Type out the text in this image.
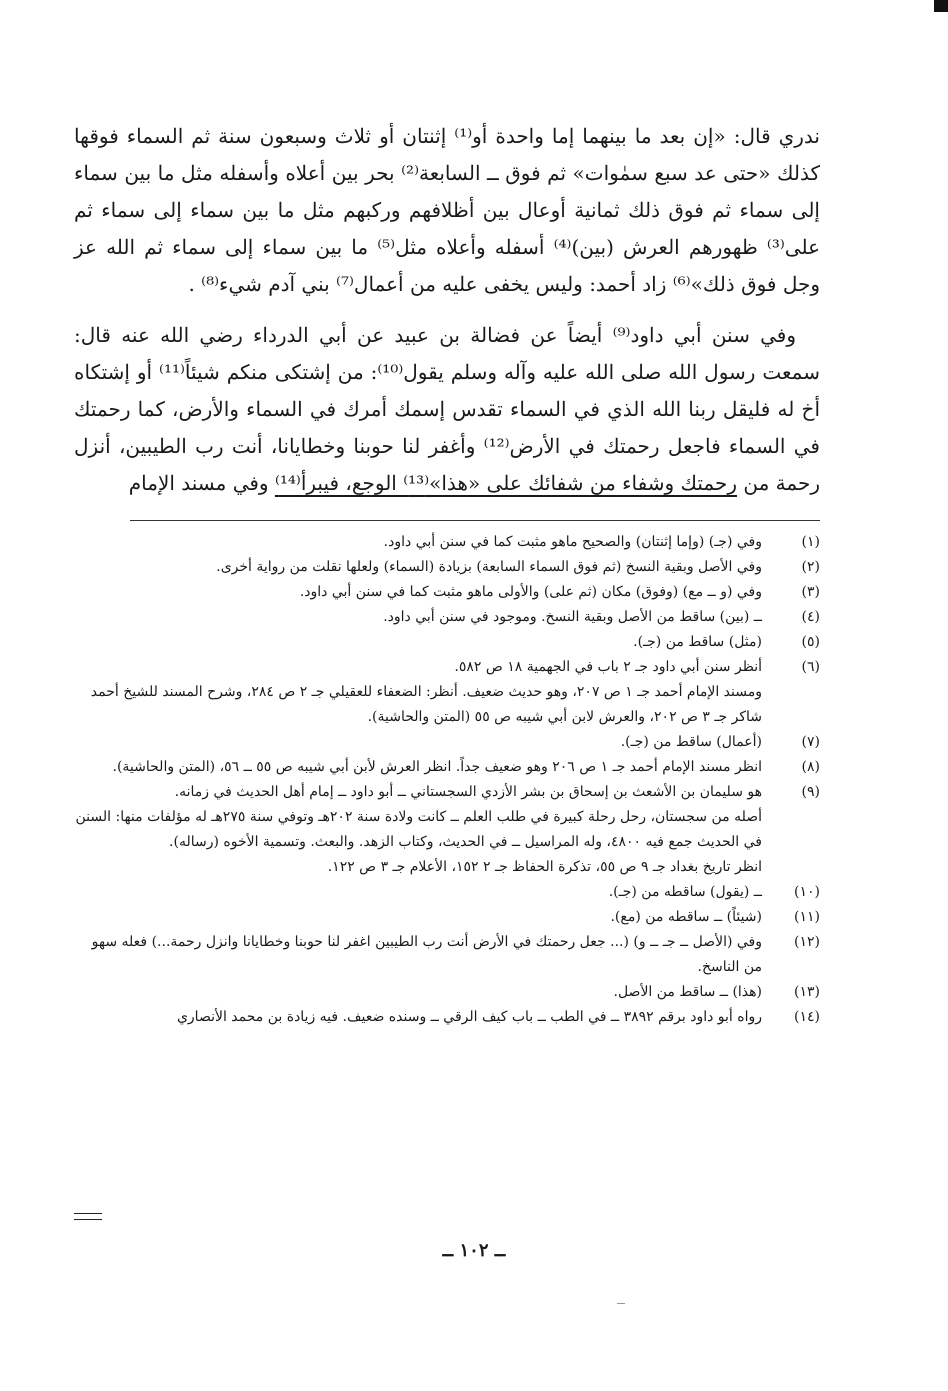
ندري قال: «إن بعد ما بينهما إما واحدة أو⁽¹⁾ إثنتان أو ثلاث وسبعون سنة ثم السماء فوقها كذلك «حتى عد سبع سمٰوات» ثم فوق ــ السابعة⁽²⁾ بحر بين أعلاه وأسفله مثل ما بين سماء إلى سماء ثم فوق ذلك ثمانية أوعال بين أظلافهم وركبهم مثل ما بين سماء إلى سماء ثم على⁽³⁾ ظهورهم العرش (بين)⁽⁴⁾ أسفله وأعلاه مثل⁽⁵⁾ ما بين سماء إلى سماء ثم الله عز وجل فوق ذلك»⁽⁶⁾ زاد أحمد: وليس يخفى عليه من أعمال⁽⁷⁾ بني آدم شيء⁽⁸⁾ .

وفي سنن أبي داود⁽⁹⁾ أيضاً عن فضالة بن عبيد عن أبي الدرداء رضي الله عنه قال: سمعت رسول الله صلى الله عليه وآله وسلم يقول⁽¹⁰⁾: من إشتكى منكم شيئاً⁽¹¹⁾ أو إشتكاه أخ له فليقل ربنا الله الذي في السماء تقدس إسمك أمرك في السماء والأرض، كما رحمتك في السماء فاجعل رحمتك في الأرض⁽¹²⁾ وأغفر لنا حوبنا وخطايانا، أنت رب الطيبين، أنزل رحمة من رحمتك وشفاء من شفائك على «هذا»⁽¹³⁾ الوجع، فيبرأ⁽¹⁴⁾ وفي مسند الإمام

(١)
وفي (جـ) (وإما إثنتان) والصحيح ماهو مثبت كما في سنن أبي داود.
(٢)
وفي الأصل وبقية النسخ (ثم فوق السماء السابعة) بزيادة (السماء) ولعلها نقلت من رواية أخرى.
(٣)
وفي (و ــ مع) (وفوق) مكان (ثم على) والأولى ماهو مثبت كما في سنن أبي داود.
(٤)
ــ (بين) ساقط من الأصل وبقية النسخ. وموجود في سنن أبي داود.
(٥)
(مثل) ساقط من (جـ).
(٦)
أنظر سنن أبي داود جـ ٢ باب في الجهمية ١٨ ص ٥٨٢.
ومسند الإمام أحمد جـ ١ ص ٢٠٧، وهو حديث ضعيف. أنظر: الضعفاء للعقيلي جـ ٢ ص ٢٨٤، وشرح المسند للشيخ أحمد شاكر جـ ٣ ص ٢٠٢، والعرش لابن أبي شيبه ص ٥٥ (المتن والحاشية).
(٧)
(أعمال) ساقط من (جـ).
(٨)
انظر مسند الإمام أحمد جـ ١ ص ٢٠٦ وهو ضعيف جداً. انظر العرش لأبن أبي شيبه ص ٥٥ ــ ٥٦، (المتن والحاشية).
(٩)
هو سليمان بن الأشعث بن إسحاق بن بشر الأزدي السجستاني ــ أبو داود ــ إمام أهل الحديث في زمانه.
أصله من سجستان، رحل رحلة كبيرة في طلب العلم ــ كانت ولادة سنة ٢٠٢هـ وتوفي سنة ٢٧٥هـ له مؤلفات منها: السنن في الحديث جمع فيه ٤٨٠٠، وله المراسيل ــ في الحديث، وكتاب الزهد. والبعث. وتسمية الأخوه (رساله).
انظر تاريخ بغداد جـ ٩ ص ٥٥، تذكرة الحفاظ جـ ٢ ١٥٢، الأعلام جـ ٣ ص ١٢٢.
(١٠)
ــ (يقول) ساقطه من (جـ).
(١١)
(شيئاً) ــ ساقطه من (مع).
(١٢)
وفي (الأصل ــ جـ ــ و) (... جعل رحمتك في الأرض أنت رب الطيبين اغفر لنا حوبنا وخطايانا وانزل رحمة...) فعله سهو من الناسخ.
(١٣)
(هذا) ــ ساقط من الأصل.
(١٤)
رواه أبو داود برقم ٣٨٩٢ ــ في الطب ــ باب كيف الرقي ــ وسنده ضعيف. فيه زيادة بن محمد الأنصاري
ــ ١٠٢ ــ
